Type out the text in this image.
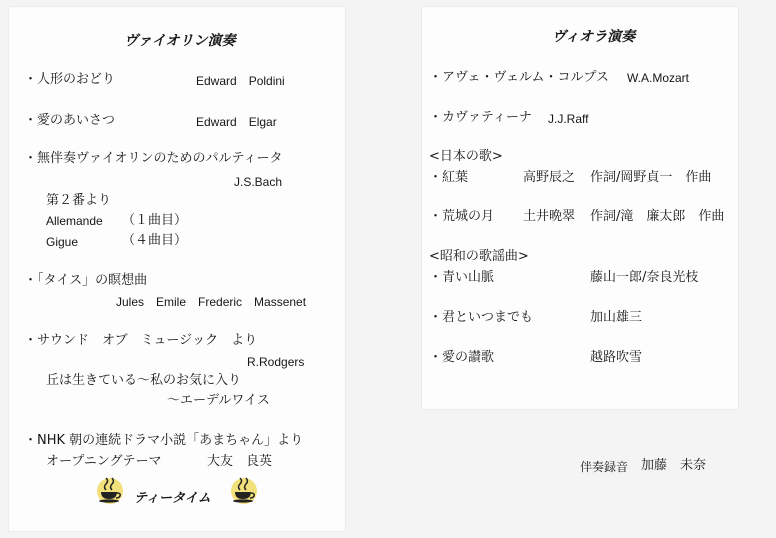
ヴァイオリン演奏
・人形のおどり	Edward　Poldini
・愛のあいさつ	Edward　Elgar
・無伴奏ヴァイオリンのためのパルティータ
J.S.Bach
第２番より
Allemande （１曲目）
Gigue	（４曲目）
・「タイス」の瞑想曲
Jules　Emile　Frederic　Massenet
・サウンド　オブ　ミュージック　より
R.Rodgers
丘は生きている～私のお気に入り
～エーデルワイス
・NHK 朝の連続ドラマ小説「あまちゃん」より
オープニングテーマ	大友　良英
ティータイム
ヴィオラ演奏
・アヴェ・ヴェルム・コルプス W.A.Mozart
・カヴァティーナ J.J.Raff
<日本の歌>
・紅葉	高野辰之 作詞/岡野貞一　作曲
・荒城の月 土井晩翠 作詞/滝　廉太郎　作曲
<昭和の歌謡曲>
・青い山脈	藤山一郎/奈良光枝
・君といつまでも	加山雄三
・愛の讃歌	越路吹雪
伴奏録音 加藤　未奈
